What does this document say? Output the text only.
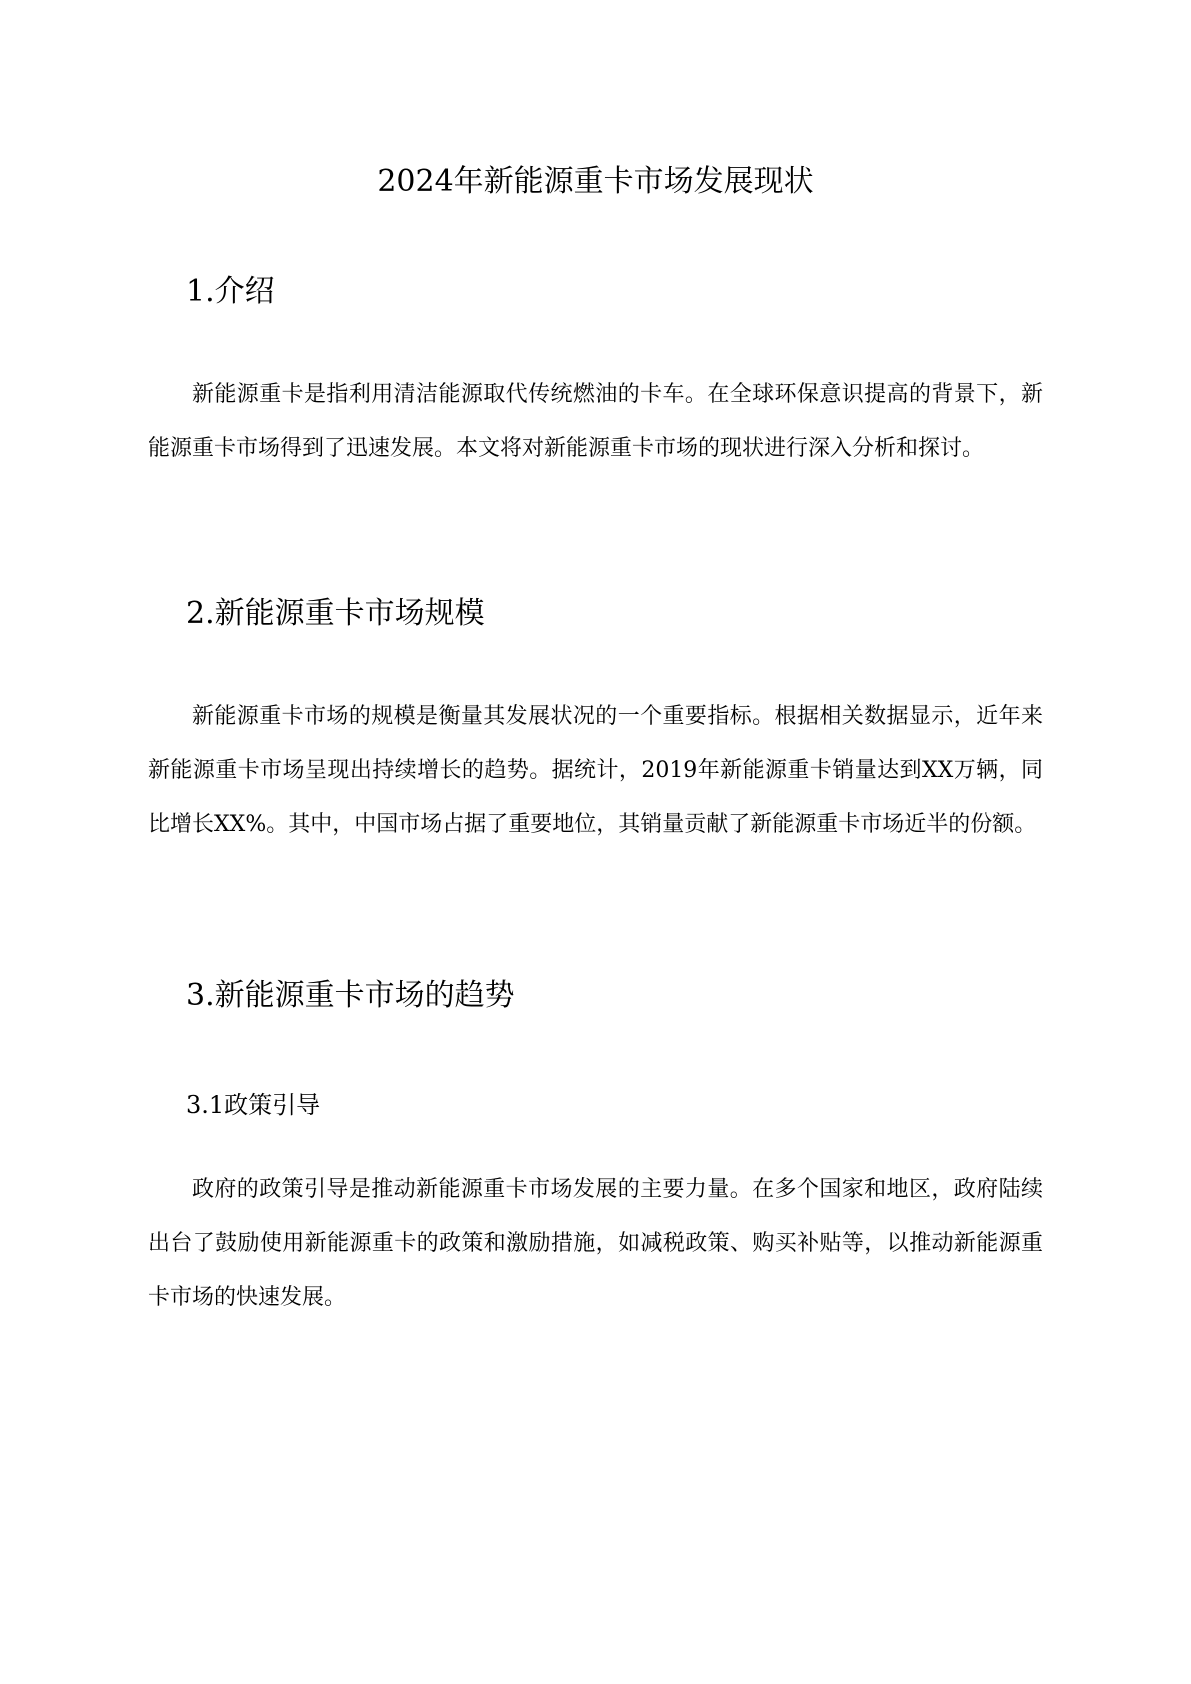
2024年新能源重卡市场发展现状
1.介绍

新能源重卡是指利用清洁能源取代传统燃油的卡车。在全球环保意识提高的背景下，新能源重卡市场得到了迅速发展。本文将对新能源重卡市场的现状进行深入分析和探讨。

2.新能源重卡市场规模

新能源重卡市场的规模是衡量其发展状况的一个重要指标。根据相关数据显示，近年来新能源重卡市场呈现出持续增长的趋势。据统计，2019年新能源重卡销量达到XX万辆，同比增长XX%。其中，中国市场占据了重要地位，其销量贡献了新能源重卡市场近半的份额。

3.新能源重卡市场的趋势
3.1政策引导

政府的政策引导是推动新能源重卡市场发展的主要力量。在多个国家和地区，政府陆续出台了鼓励使用新能源重卡的政策和激励措施，如减税政策、购买补贴等，以推动新能源重卡市场的快速发展。
